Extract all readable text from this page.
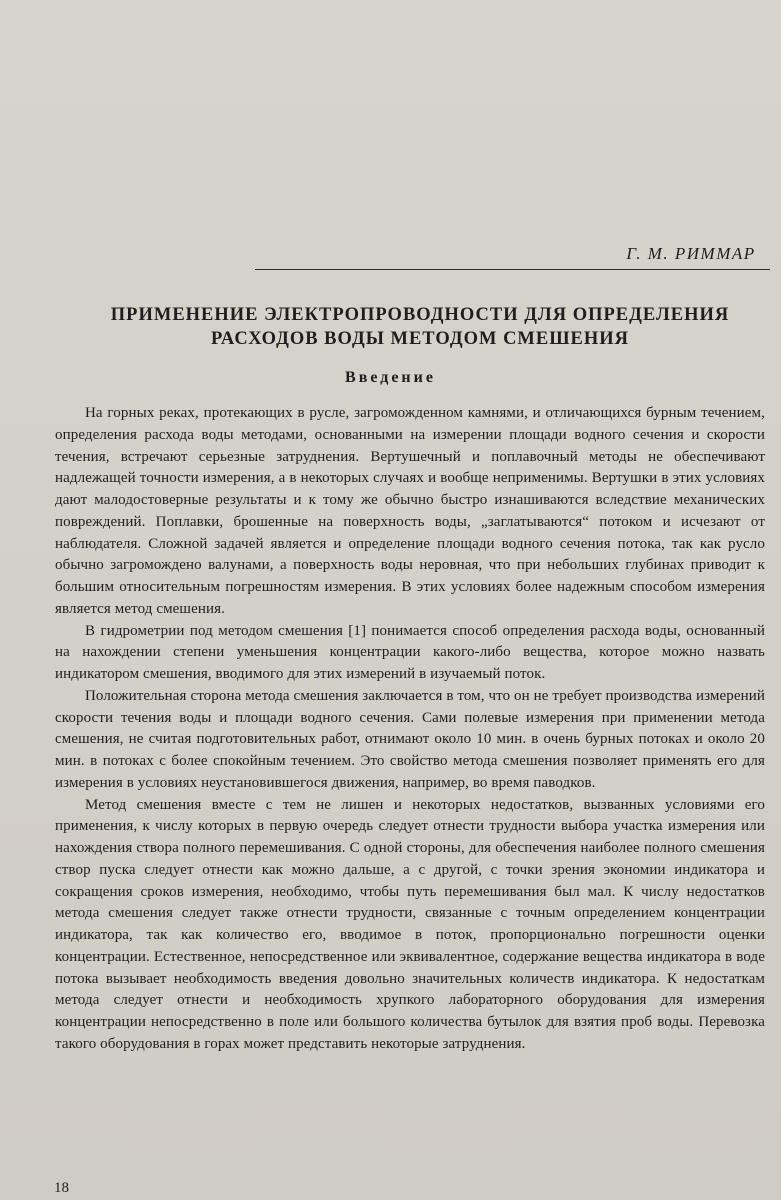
Г. М. РИММАР
ПРИМЕНЕНИЕ ЭЛЕКТРОПРОВОДНОСТИ ДЛЯ ОПРЕДЕЛЕНИЯ
РАСХОДОВ ВОДЫ МЕТОДОМ СМЕШЕНИЯ
Введение

На горных реках, протекающих в русле, загроможденном камнями, и отличающихся бурным течением, определения расхода воды методами, основанными на измерении площади водного сечения и скорости течения, встречают серьезные затруднения. Вертушечный и поплавочный методы не обеспечивают надлежащей точности измерения, а в некоторых случаях и вообще неприменимы. Вертушки в этих условиях дают малодостоверные результаты и к тому же обычно быстро изнашиваются вследствие механических повреждений. Поплавки, брошенные на поверхность воды, „заглатываются“ потоком и исчезают от наблюдателя. Сложной задачей является и определение площади водного сечения потока, так как русло обычно загромождено валунами, а поверхность воды неровная, что при небольших глубинах приводит к большим относительным погрешностям измерения. В этих условиях более надежным способом измерения является метод смешения.

В гидрометрии под методом смешения [1] понимается способ определения расхода воды, основанный на нахождении степени уменьшения концентрации какого-либо вещества, которое можно назвать индикатором смешения, вводимого для этих измерений в изучаемый поток.

Положительная сторона метода смешения заключается в том, что он не требует производства измерений скорости течения воды и площади водного сечения. Сами полевые измерения при применении метода смешения, не считая подготовительных работ, отнимают около 10 мин. в очень бурных потоках и около 20 мин. в потоках с более спокойным течением. Это свойство метода смешения позволяет применять его для измерения в условиях неустановившегося движения, например, во время паводков.

Метод смешения вместе с тем не лишен и некоторых недостатков, вызванных условиями его применения, к числу которых в первую очередь следует отнести трудности выбора участка измерения или нахождения створа полного перемешивания. С одной стороны, для обеспечения наиболее полного смешения створ пуска следует отнести как можно дальше, а с другой, с точки зрения экономии индикатора и сокращения сроков измерения, необходимо, чтобы путь перемешивания был мал. К числу недостатков метода смешения следует также отнести трудности, связанные с точным определением концентрации индикатора, так как количество его, вводимое в поток, пропорционально погрешности оценки концентрации. Естественное, непосредственное или эквивалентное, содержание вещества индикатора в воде потока вызывает необходимость введения довольно значительных количеств индикатора. К недостаткам метода следует отнести и необходимость хрупкого лабораторного оборудования для измерения концентрации непосредственно в поле или большого количества бутылок для взятия проб воды. Перевозка такого оборудования в горах может представить некоторые затруднения.

18
